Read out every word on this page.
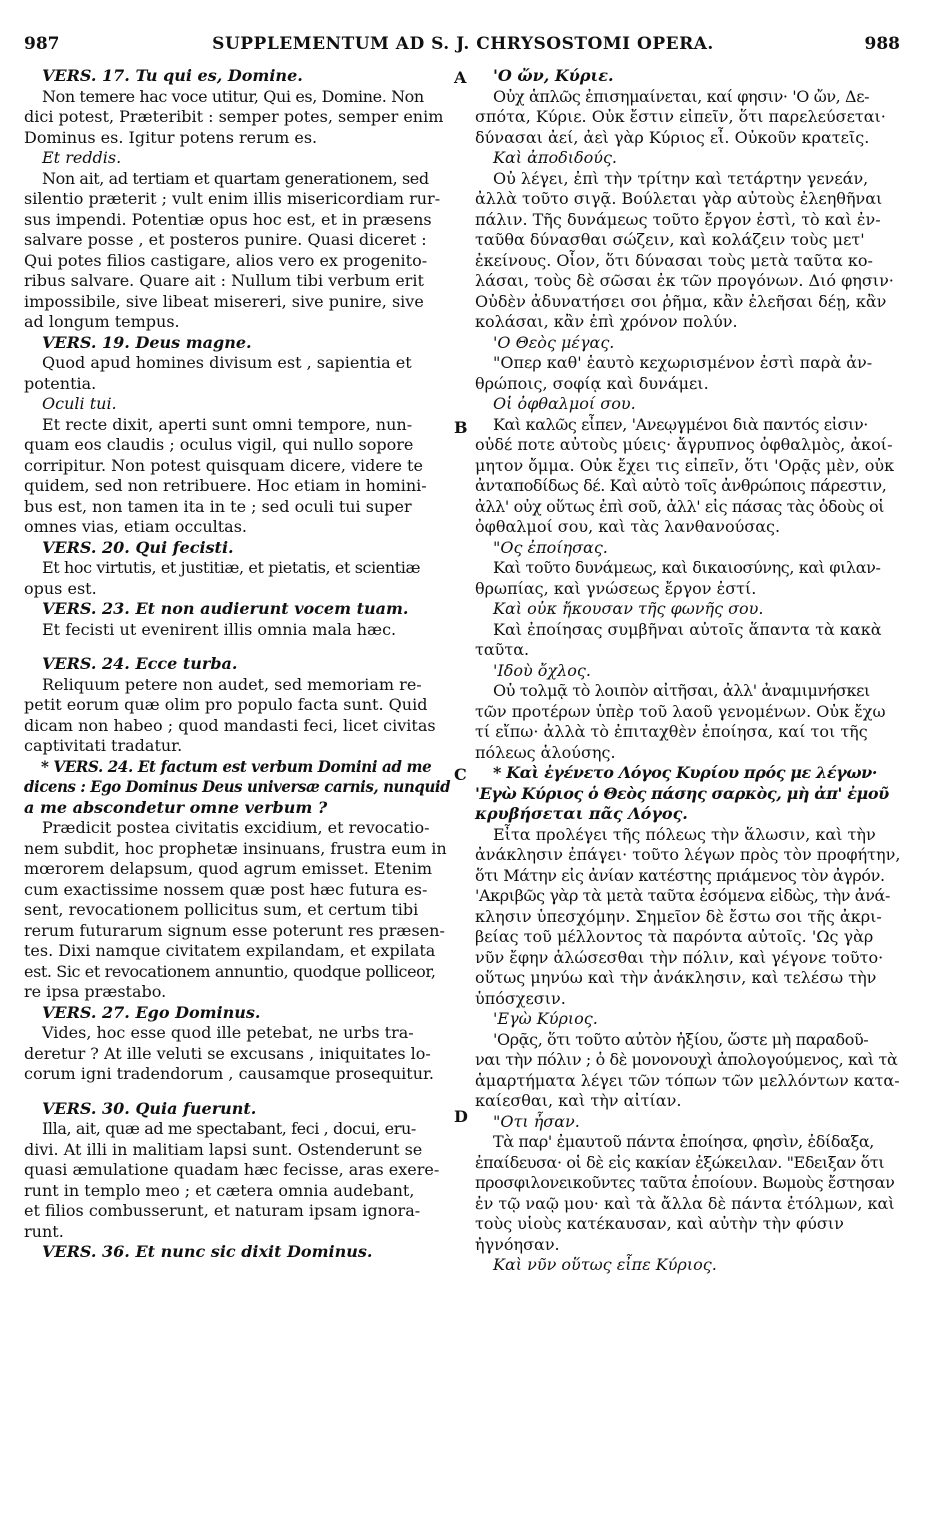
987	SUPPLEMENTUM AD S. J. CHRYSOSTOMI OPERA.	988
A
B
C
D
VERS. 17. Tu qui es, Domine.
Non temere hac voce utitur, Qui es, Domine. Non
dici potest, Præteribit : semper potes, semper enim
Dominus es. Igitur potens rerum es.
Et reddis.
Non ait, ad tertiam et quartam generationem, sed
silentio præterit ; vult enim illis misericordiam rur-
sus impendi. Potentiæ opus hoc est, et in præsens
salvare posse , et posteros punire. Quasi diceret :
Qui potes filios castigare, alios vero ex progenito-
ribus salvare. Quare ait : Nullum tibi verbum erit
impossibile, sive libeat misereri, sive punire, sive
ad longum tempus.
VERS. 19. Deus magne.
Quod apud homines divisum est , sapientia et
potentia.
Oculi tui.
Et recte dixit, aperti sunt omni tempore, nun-
quam eos claudis ; oculus vigil, qui nullo sopore
corripitur. Non potest quisquam dicere, videre te
quidem, sed non retribuere. Hoc etiam in homini-
bus est, non tamen ita in te ; sed oculi tui super
omnes vias, etiam occultas.
VERS. 20. Qui fecisti.
Et hoc virtutis, et justitiæ, et pietatis, et scientiæ
opus est.
VERS. 23. Et non audierunt vocem tuam.
Et fecisti ut evenirent illis omnia mala hæc.
VERS. 24. Ecce turba.
Reliquum petere non audet, sed memoriam re-
petit eorum quæ olim pro populo facta sunt. Quid
dicam non habeo ; quod mandasti feci, licet civitas
captivitati tradatur.
* VERS. 24. Et factum est verbum Domini ad me
dicens : Ego Dominus Deus universæ carnis, nunquid
a me abscondetur omne verbum ?
Prædicit postea civitatis excidium, et revocatio-
nem subdit, hoc prophetæ insinuans, frustra eum in
mœrorem delapsum, quod agrum emisset. Etenim
cum exactissime nossem quæ post hæc futura es-
sent, revocationem pollicitus sum, et certum tibi
rerum futurarum signum esse poterunt res præsen-
tes. Dixi namque civitatem expilandam, et expilata
est. Sic et revocationem annuntio, quodque polliceor,
re ipsa præstabo.
VERS. 27. Ego Dominus.
Vides, hoc esse quod ille petebat, ne urbs tra-
deretur ? At ille veluti se excusans , iniquitates lo-
corum igni tradendorum , causamque prosequitur.
VERS. 30. Quia fuerunt.
Illa, ait, quæ ad me spectabant, feci , docui, eru-
divi. At illi in malitiam lapsi sunt. Ostenderunt se
quasi æmulatione quadam hæc fecisse, aras exere-
runt in templo meo ; et cætera omnia audebant,
et filios combusserunt, et naturam ipsam ignora-
runt.
VERS. 36. Et nunc sic dixit Dominus.
'Ο ὤν, Κύριε.
Οὐχ ἁπλῶς ἐπισημαίνεται, καί φησιν· 'Ο ὤν, Δε-
σπότα, Κύριε. Οὐκ ἔστιν εἰπεῖν, ὅτι παρελεύσεται·
δύνασαι ἀεί, ἀεὶ γὰρ Κύριος εἶ. Οὐκοῦν κρατεῖς.
Καὶ ἀποδιδούς.
Οὐ λέγει, ἐπὶ τὴν τρίτην καὶ τετάρτην γενεάν,
ἀλλὰ τοῦτο σιγᾷ. Βούλεται γὰρ αὐτοὺς ἐλεηθῆναι
πάλιν. Τῆς δυνάμεως τοῦτο ἔργον ἐστὶ, τὸ καὶ ἐν-
ταῦθα δύνασθαι σώζειν, καὶ κολάζειν τοὺς μετ'
ἐκείνους. Οἷον, ὅτι δύνασαι τοὺς μετὰ ταῦτα κο-
λάσαι, τοὺς δὲ σῶσαι ἐκ τῶν προγόνων. Διό φησιν·
Οὐδὲν ἀδυνατήσει σοι ῥῆμα, κἂν ἐλεῆσαι δέῃ, κἂν
κολάσαι, κἂν ἐπὶ χρόνον πολύν.
'Ο Θεὸς μέγας.
"Οπερ καθ' ἑαυτὸ κεχωρισμένον ἐστὶ παρὰ ἀν-
θρώποις, σοφίᾳ καὶ δυνάμει.
Οἱ ὀφθαλμοί σου.
Καὶ καλῶς εἶπεν, 'Ανεῳγμένοι διὰ παντός εἰσιν·
οὐδέ ποτε αὐτοὺς μύεις· ἄγρυπνος ὀφθαλμὸς, ἀκοί-
μητον ὄμμα. Οὐκ ἔχει τις εἰπεῖν, ὅτι 'Ορᾷς μὲν, οὐκ
ἀνταποδίδως δέ. Καὶ αὐτὸ τοῖς ἀνθρώποις πάρεστιν,
ἀλλ' οὐχ οὕτως ἐπὶ σοῦ, ἀλλ' εἰς πάσας τὰς ὁδοὺς οἱ
ὀφθαλμοί σου, καὶ τὰς λανθανούσας.
"Ος ἐποίησας.
Καὶ τοῦτο δυνάμεως, καὶ δικαιοσύνης, καὶ φιλαν-
θρωπίας, καὶ γνώσεως ἔργον ἐστί.
Καὶ οὐκ ἤκουσαν τῆς φωνῆς σου.
Καὶ ἐποίησας συμβῆναι αὐτοῖς ἅπαντα τὰ κακὰ
ταῦτα.
'Ιδοὺ ὄχλος.
Οὐ τολμᾷ τὸ λοιπὸν αἰτῆσαι, ἀλλ' ἀναμιμνήσκει
τῶν προτέρων ὑπὲρ τοῦ λαοῦ γενομένων. Οὐκ ἔχω
τί εἴπω· ἀλλὰ τὸ ἐπιταχθὲν ἐποίησα, καί τοι τῆς
πόλεως ἁλούσης.
* Καὶ ἐγένετο Λόγος Κυρίου πρός με λέγων·
'Εγὼ Κύριος ὁ Θεὸς πάσης σαρκὸς, μὴ ἀπ' ἐμοῦ
κρυβήσεται πᾶς Λόγος.
Εἶτα προλέγει τῆς πόλεως τὴν ἅλωσιν, καὶ τὴν
ἀνάκλησιν ἐπάγει· τοῦτο λέγων πρὸς τὸν προφήτην,
ὅτι Μάτην εἰς ἀνίαν κατέστης πριάμενος τὸν ἀγρόν.
'Ακριβῶς γὰρ τὰ μετὰ ταῦτα ἐσόμενα εἰδὼς, τὴν ἀνά-
κλησιν ὑπεσχόμην. Σημεῖον δὲ ἔστω σοι τῆς ἀκρι-
βείας τοῦ μέλλοντος τὰ παρόντα αὐτοῖς. 'Ως γὰρ
νῦν ἔφην ἁλώσεσθαι τὴν πόλιν, καὶ γέγονε τοῦτο·
οὕτως μηνύω καὶ τὴν ἀνάκλησιν, καὶ τελέσω τὴν
ὑπόσχεσιν.
'Εγὼ Κύριος.
'Ορᾷς, ὅτι τοῦτο αὐτὸν ἠξίου, ὥστε μὴ παραδοῦ-
ναι τὴν πόλιν ; ὁ δὲ μονονουχὶ ἀπολογούμενος, καὶ τὰ
ἁμαρτήματα λέγει τῶν τόπων τῶν μελλόντων κατα-
καίεσθαι, καὶ τὴν αἰτίαν.
"Οτι ἦσαν.
Τὰ παρ' ἐμαυτοῦ πάντα ἐποίησα, φησὶν, ἐδίδαξα,
ἐπαίδευσα· οἱ δὲ εἰς κακίαν ἐξώκειλαν. "Εδειξαν ὅτι
προσφιλονεικοῦντες ταῦτα ἐποίουν. Βωμοὺς ἔστησαν
ἐν τῷ ναῷ μου· καὶ τὰ ἄλλα δὲ πάντα ἐτόλμων, καὶ
τοὺς υἱοὺς κατέκαυσαν, καὶ αὐτὴν τὴν φύσιν
ἠγνόησαν.
Καὶ νῦν οὕτως εἶπε Κύριος.
